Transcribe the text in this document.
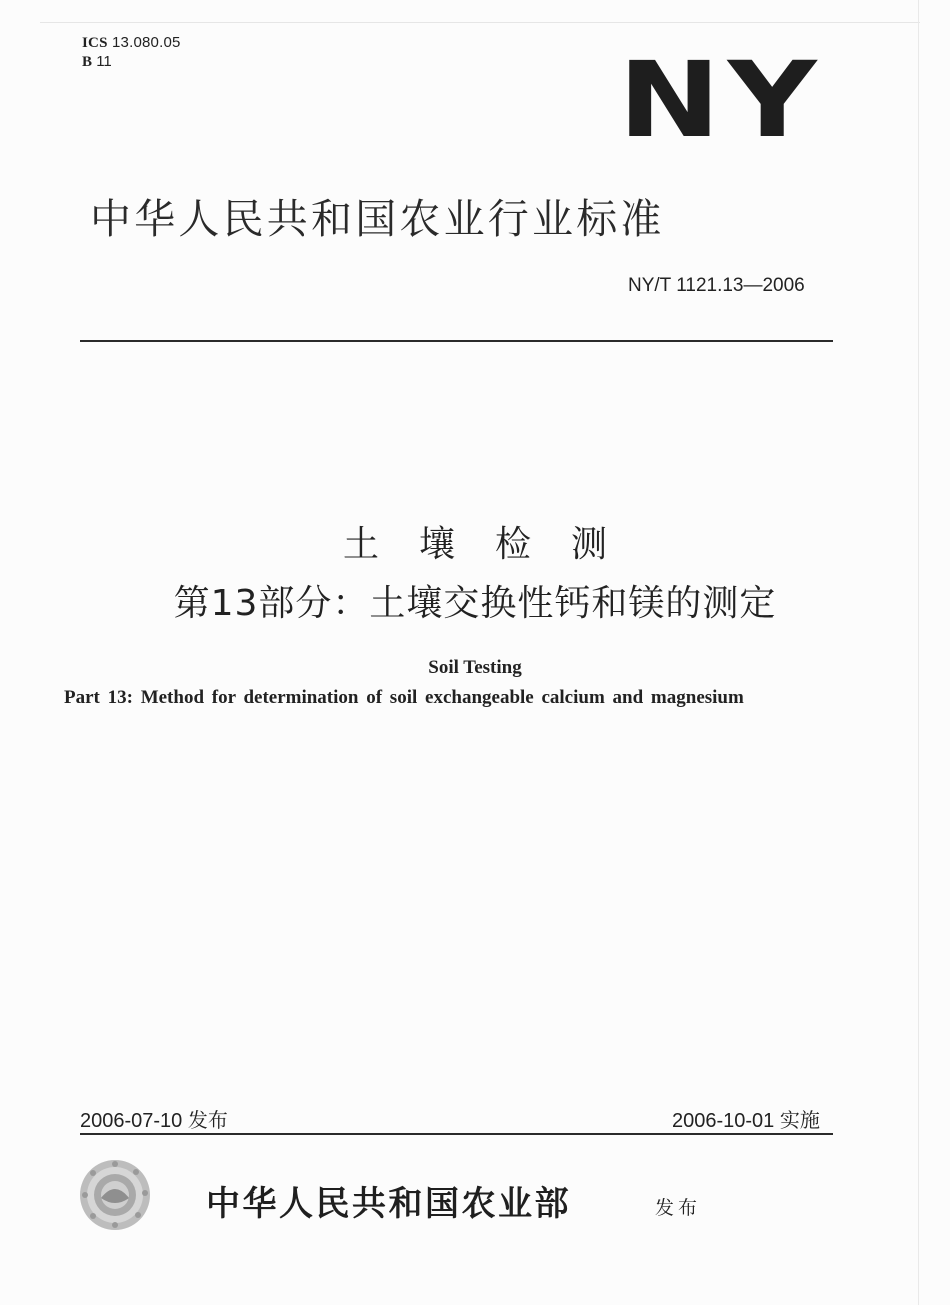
ICS 13.080.05
B 11	NY
中华人民共和国农业行业标准
NY/T 1121.13—2006
土壤检测
第13部分：土壤交换性钙和镁的测定
Soil Testing
Part 13: Method for determination of soil exchangeable calcium and magnesium
2006-07-10 发布	2006-10-01 实施
中华人民共和国农业部	发布
